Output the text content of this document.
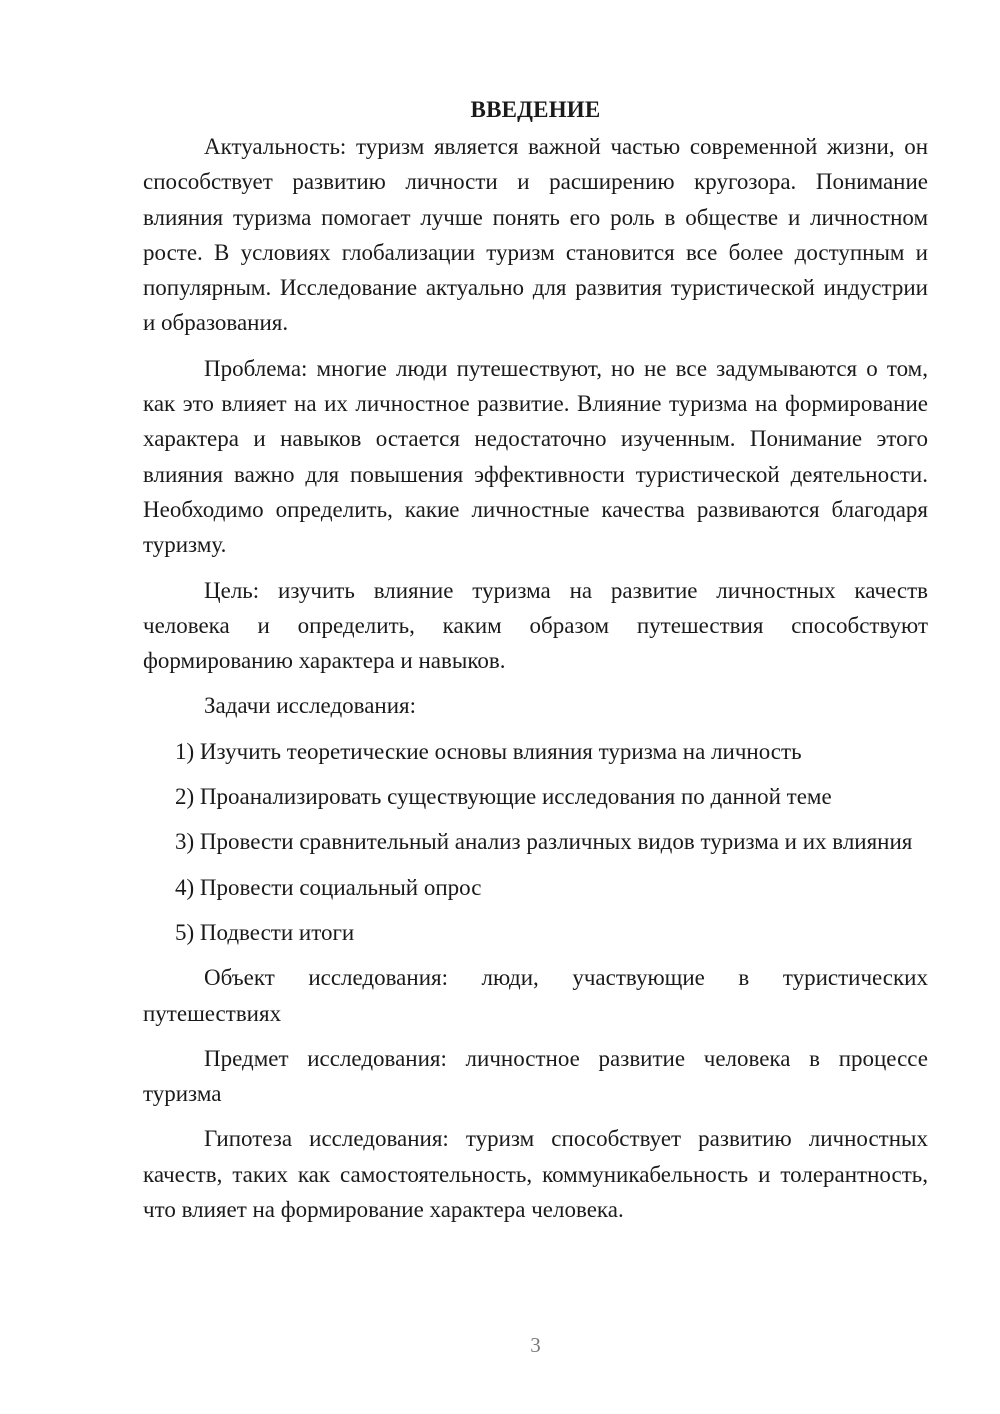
ВВЕДЕНИЕ

Актуальность: туризм является важной частью современной жизни, он способствует развитию личности и расширению кругозора. Понимание влияния туризма помогает лучше понять его роль в обществе и личностном росте. В условиях глобализации туризм становится все более доступным и популярным. Исследование актуально для развития туристической индустрии и образования.

Проблема: многие люди путешествуют, но не все задумываются о том, как это влияет на их личностное развитие. Влияние туризма на формирование характера и навыков остается недостаточно изученным. Понимание этого влияния важно для повышения эффективности туристической деятельности. Необходимо определить, какие личностные качества развиваются благодаря туризму.

Цель: изучить влияние туризма на развитие личностных качеств человека и определить, каким образом путешествия способствуют формированию характера и навыков.

Задачи исследования:

1) Изучить теоретические основы влияния туризма на личность

2) Проанализировать существующие исследования по данной теме

3) Провести сравнительный анализ различных видов туризма и их влияния

4) Провести социальный опрос

5) Подвести итоги

Объект исследования: люди, участвующие в туристических путешествиях

Предмет исследования: личностное развитие человека в процессе туризма

Гипотеза исследования: туризм способствует развитию личностных качеств, таких как самостоятельность, коммуникабельность и толерантность, что влияет на формирование характера человека.

3
